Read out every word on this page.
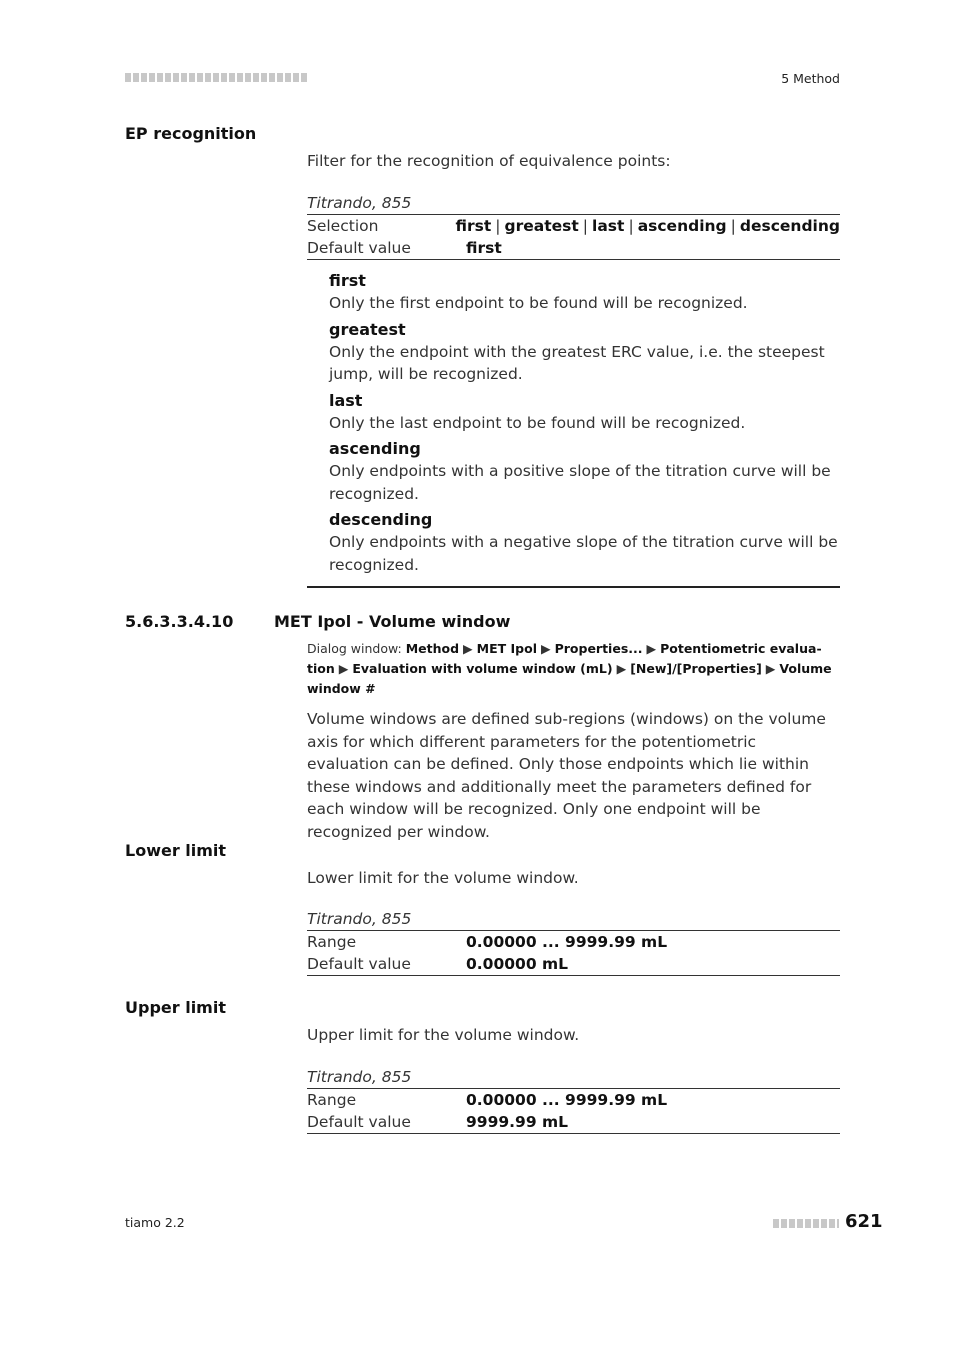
5 Method
EP recognition
Filter for the recognition of equivalence points:
Titrando, 855
Selection	first | greatest | last | ascending | descending
Default value	first
first
Only the first endpoint to be found will be recognized.
greatest
Only the endpoint with the greatest ERC value, i.e. the steepest jump, will be recognized.
last
Only the last endpoint to be found will be recognized.
ascending
Only endpoints with a positive slope of the titration curve will be recognized.
descending
Only endpoints with a negative slope of the titration curve will be recognized.
5.6.3.3.4.10	MET Ipol - Volume window
Dialog window: Method ▶ MET Ipol ▶ Properties... ▶ Potentiometric evaluation ▶ Evaluation with volume window (mL) ▶ [New]/[Properties] ▶ Volume window #
Volume windows are defined sub-regions (windows) on the volume axis for which different parameters for the potentiometric evaluation can be defined. Only those endpoints which lie within these windows and additionally meet the parameters defined for each window will be recognized. Only one endpoint will be recognized per window.
Lower limit
Lower limit for the volume window.
Titrando, 855
Range	0.00000 ... 9999.99 mL
Default value	0.00000 mL
Upper limit
Upper limit for the volume window.
Titrando, 855
Range	0.00000 ... 9999.99 mL
Default value	9999.99 mL
tiamo 2.2	621
